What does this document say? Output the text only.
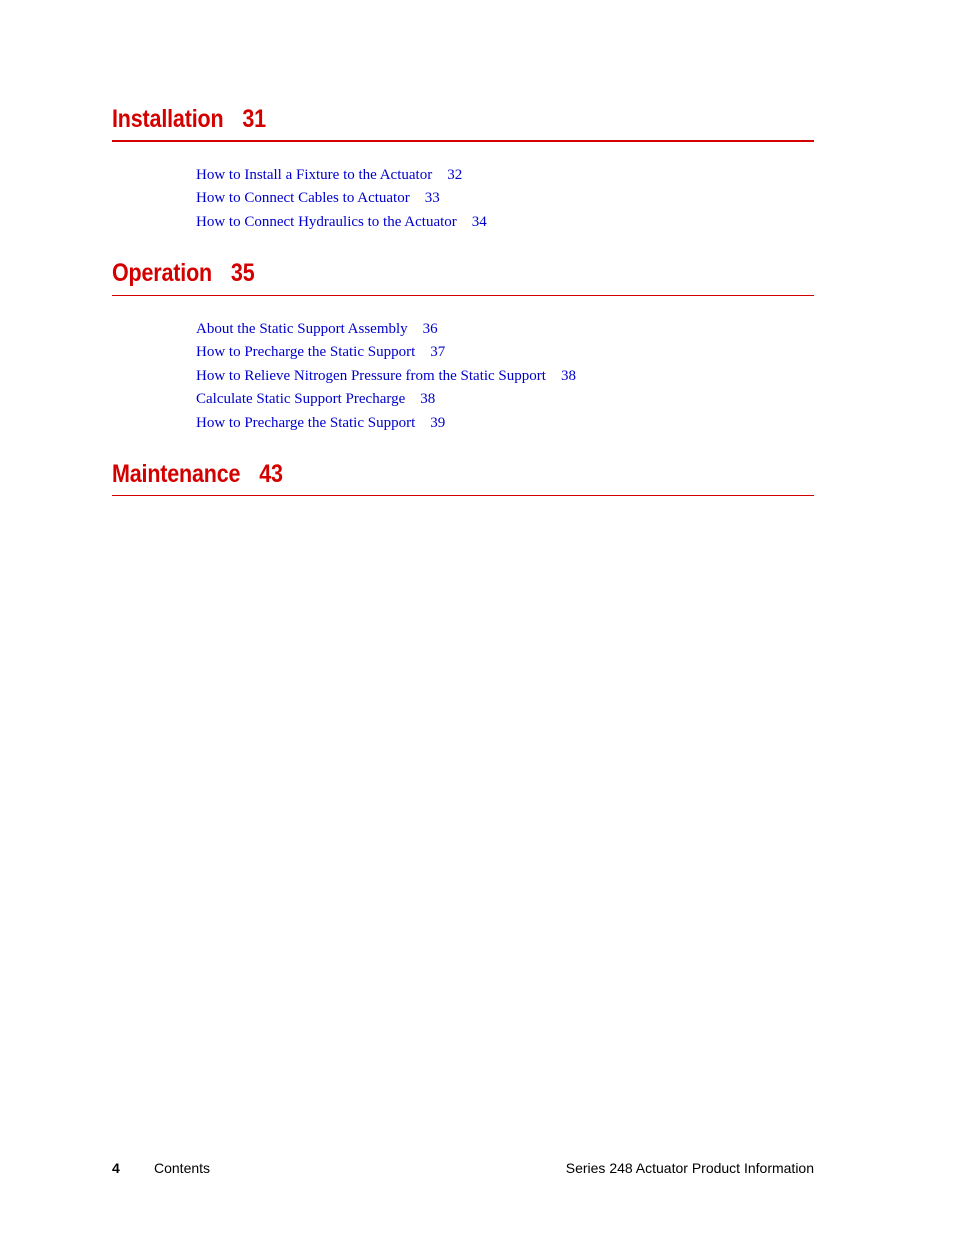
Installation 31
How to Install a Fixture to the Actuator 32
How to Connect Cables to Actuator 33
How to Connect Hydraulics to the Actuator 34
Operation 35
About the Static Support Assembly 36
How to Precharge the Static Support 37
How to Relieve Nitrogen Pressure from the Static Support 38
Calculate Static Support Precharge 38
How to Precharge the Static Support 39
Maintenance 43
4 Contents	Series 248 Actuator Product Information
